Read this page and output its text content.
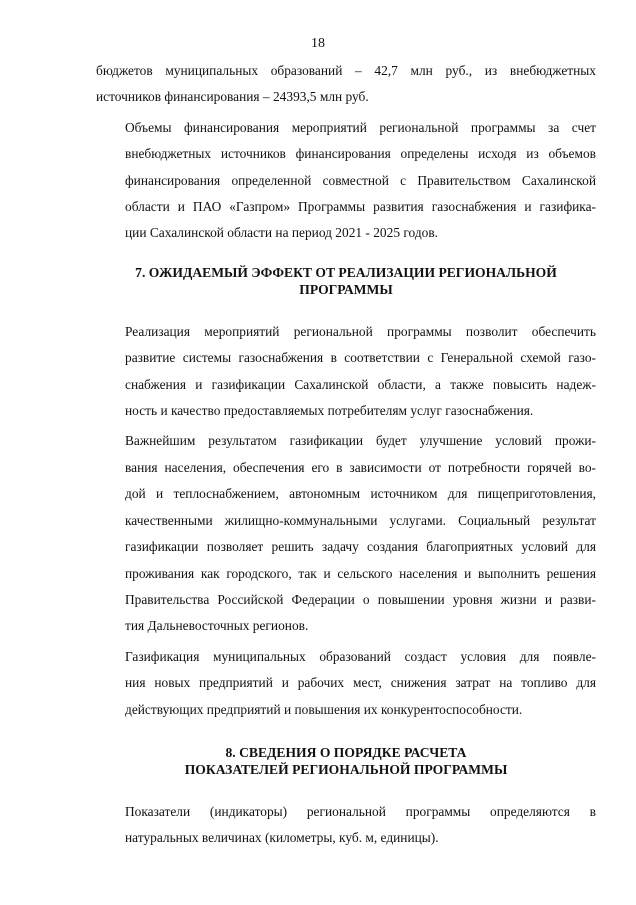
18

бюджетов муниципальных образований – 42,7 млн руб., из внебюджетных
источников финансирования – 24393,5 млн руб.

Объемы финансирования мероприятий региональной программы за счет
внебюджетных источников финансирования определены исходя из объемов
финансирования определенной совместной с Правительством Сахалинской
области и ПАО «Газпром» Программы развития газоснабжения и газифика-
ции Сахалинской области на период 2021 - 2025 годов.

7. ОЖИДАЕМЫЙ ЭФФЕКТ ОТ РЕАЛИЗАЦИИ РЕГИОНАЛЬНОЙ
ПРОГРАММЫ

Реализация мероприятий региональной программы позволит обеспечить
развитие системы газоснабжения в соответствии с Генеральной схемой газо-
снабжения и газификации Сахалинской области, а также повысить надеж-
ность и качество предоставляемых потребителям услуг газоснабжения.

Важнейшим результатом газификации будет улучшение условий прожи-
вания населения, обеспечения его в зависимости от потребности горячей во-
дой и теплоснабжением, автономным источником для пищеприготовления,
качественными жилищно-коммунальными услугами. Социальный результат
газификации позволяет решить задачу создания благоприятных условий для
проживания как городского, так и сельского населения и выполнить решения
Правительства Российской Федерации о повышении уровня жизни и разви-
тия Дальневосточных регионов.

Газификация муниципальных образований создаст условия для появле-
ния новых предприятий и рабочих мест, снижения затрат на топливо для
действующих предприятий и повышения их конкурентоспособности.

8. СВЕДЕНИЯ О ПОРЯДКЕ РАСЧЕТА
ПОКАЗАТЕЛЕЙ РЕГИОНАЛЬНОЙ ПРОГРАММЫ

Показатели (индикаторы) региональной программы определяются в
натуральных величинах (километры, куб. м, единицы).
